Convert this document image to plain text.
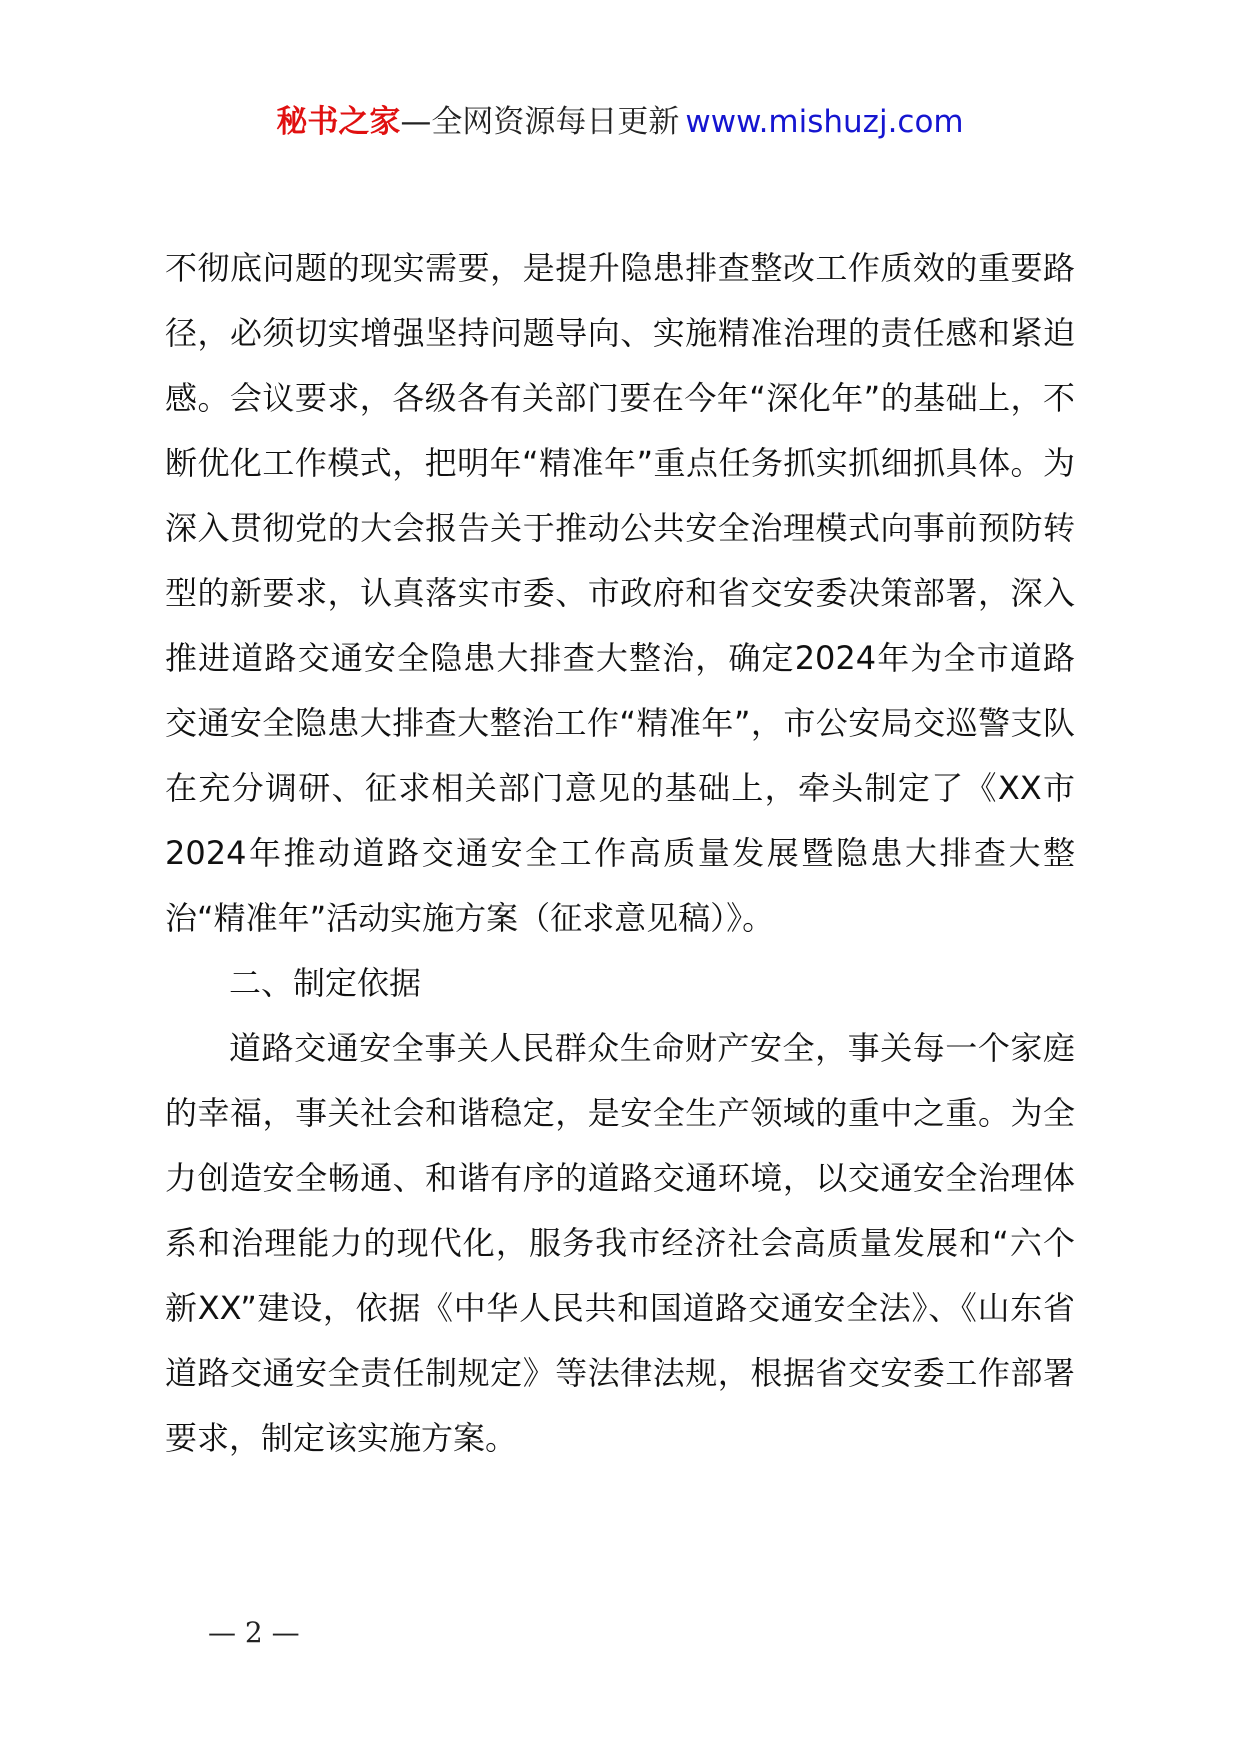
秘书之家—全网资源每日更新 www.mishuzj.com

不彻底问题的现实需要，是提升隐患排查整改工作质效的重要路径，必须切实增强坚持问题导向、实施精准治理的责任感和紧迫感。会议要求，各级各有关部门要在今年“深化年”的基础上，不断优化工作模式，把明年“精准年”重点任务抓实抓细抓具体。为深入贯彻党的大会报告关于推动公共安全治理模式向事前预防转型的新要求，认真落实市委、市政府和省交安委决策部署，深入推进道路交通安全隐患大排查大整治，确定2024年为全市道路交通安全隐患大排查大整治工作“精准年”，市公安局交巡警支队在充分调研、征求相关部门意见的基础上，牵头制定了《XX市2024年推动道路交通安全工作高质量发展暨隐患大排查大整治“精准年”活动实施方案（征求意见稿）》。

二、制定依据

道路交通安全事关人民群众生命财产安全，事关每一个家庭的幸福，事关社会和谐稳定，是安全生产领域的重中之重。为全力创造安全畅通、和谐有序的道路交通环境，以交通安全治理体系和治理能力的现代化，服务我市经济社会高质量发展和“六个新XX”建设，依据《中华人民共和国道路交通安全法》、《山东省道路交通安全责任制规定》等法律法规，根据省交安委工作部署要求，制定该实施方案。

— 2 —
